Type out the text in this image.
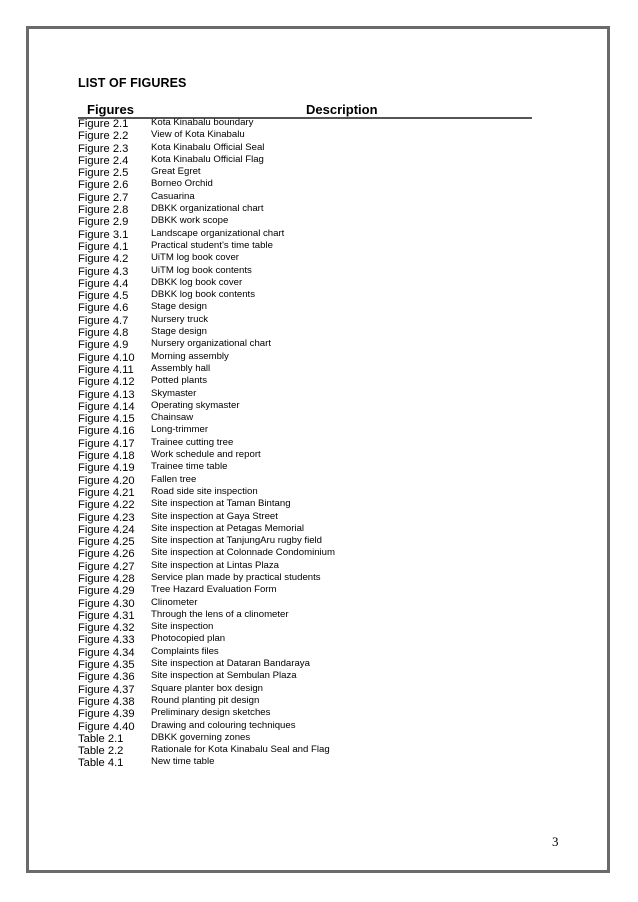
LIST OF FIGURES
Figures	Description
Figure 2.1 Kota Kinabalu boundary
Figure 2.2 View of Kota Kinabalu
Figure 2.3 Kota Kinabalu Official Seal
Figure 2.4 Kota Kinabalu Official Flag
Figure 2.5 Great Egret
Figure 2.6 Borneo Orchid
Figure 2.7 Casuarina
Figure 2.8 DBKK organizational chart
Figure 2.9 DBKK work scope
Figure 3.1 Landscape organizational chart
Figure 4.1 Practical student’s time table
Figure 4.2 UiTM log book cover
Figure 4.3 UiTM log book contents
Figure 4.4 DBKK log book cover
Figure 4.5 DBKK log book contents
Figure 4.6 Stage design
Figure 4.7 Nursery truck
Figure 4.8 Stage design
Figure 4.9 Nursery organizational chart
Figure 4.10 Morning assembly
Figure 4.11 Assembly hall
Figure 4.12 Potted plants
Figure 4.13 Skymaster
Figure 4.14 Operating skymaster
Figure 4.15 Chainsaw
Figure 4.16 Long-trimmer
Figure 4.17 Trainee cutting tree
Figure 4.18 Work schedule and report
Figure 4.19 Trainee time table
Figure 4.20 Fallen tree
Figure 4.21 Road side site inspection
Figure 4.22 Site inspection at Taman Bintang
Figure 4.23 Site inspection at Gaya Street
Figure 4.24 Site inspection at Petagas Memorial
Figure 4.25 Site inspection at TanjungAru rugby field
Figure 4.26 Site inspection at Colonnade Condominium
Figure 4.27 Site inspection at Lintas Plaza
Figure 4.28 Service plan made by practical students
Figure 4.29 Tree Hazard Evaluation Form
Figure 4.30 Clinometer
Figure 4.31 Through the lens of a clinometer
Figure 4.32 Site inspection
Figure 4.33 Photocopied plan
Figure 4.34 Complaints files
Figure 4.35 Site inspection at Dataran Bandaraya
Figure 4.36 Site inspection at Sembulan Plaza
Figure 4.37 Square planter box design
Figure 4.38 Round planting pit design
Figure 4.39 Preliminary design sketches
Figure 4.40 Drawing and colouring techniques
Table 2.1	DBKK governing zones
Table 2.2	Rationale for Kota Kinabalu Seal and Flag
Table 4.1	New time table
3
